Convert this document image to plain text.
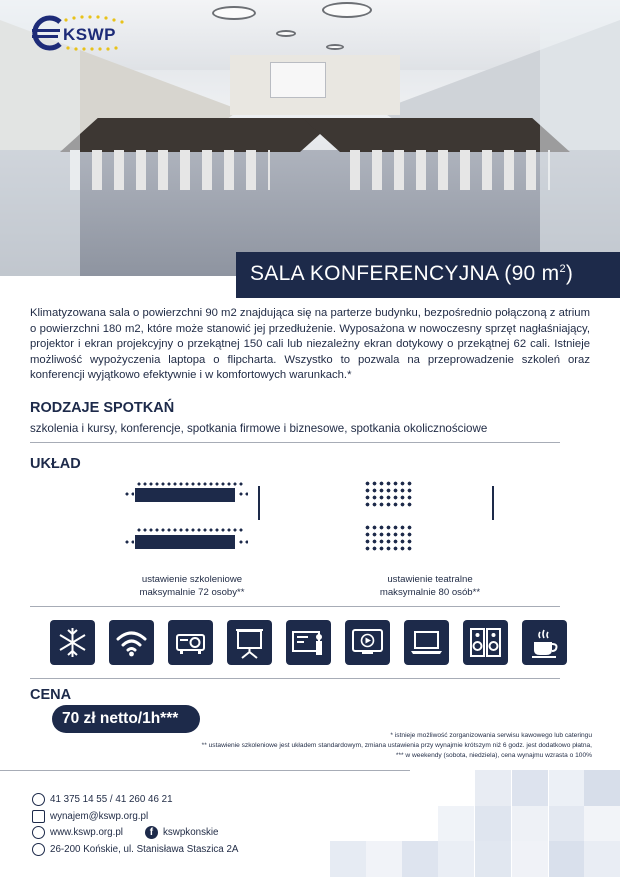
KSWP
SALA KONFERENCYJNA (90 $m^2$)
Klimatyzowana sala o powierzchni 90 m2 znajdująca się na parterze budynku, bezpośrednio połączoną z atrium o powierzchni 180 m2, które może stanowić jej przedłużenie. Wyposażona w nowoczesny sprzęt nagłaśniający, projektor i ekran projekcyjny o przekątnej 150 cali lub niezależny ekran dotykowy o przekątnej 62 cali. Istnieje możliwość wypożyczenia laptopa o flipcharta. Wszystko to pozwala na przeprowadzenie szkoleń oraz konferencji wyjątkowo efektywnie i w komfortowych warunkach.*
RODZAJE SPOTKAŃ
szkolenia i kursy, konferencje, spotkania firmowe i biznesowe, spotkania okolicznościowe
UKŁAD
ustawienie szkoleniowe
maksymalnie 72 osoby**
ustawienie teatralne
maksymalnie 80 osób**
CENA
70 zł netto/1h***
* istnieje możliwość zorganizowania serwisu kawowego lub cateringu
** ustawienie szkoleniowe jest układem standardowym, zmiana ustawienia przy wynajmie krótszym niż 6 godz. jest dodatkowo płatna,
*** w weekendy (sobota, niedziela), cena wynajmu wzrasta o 100%
41 375 14 55 / 41 260 46 21
wynajem@kswp.org.pl
www.kswp.org.pl	f	kswpkonskie
26-200 Końskie, ul. Stanisława Staszica 2A
